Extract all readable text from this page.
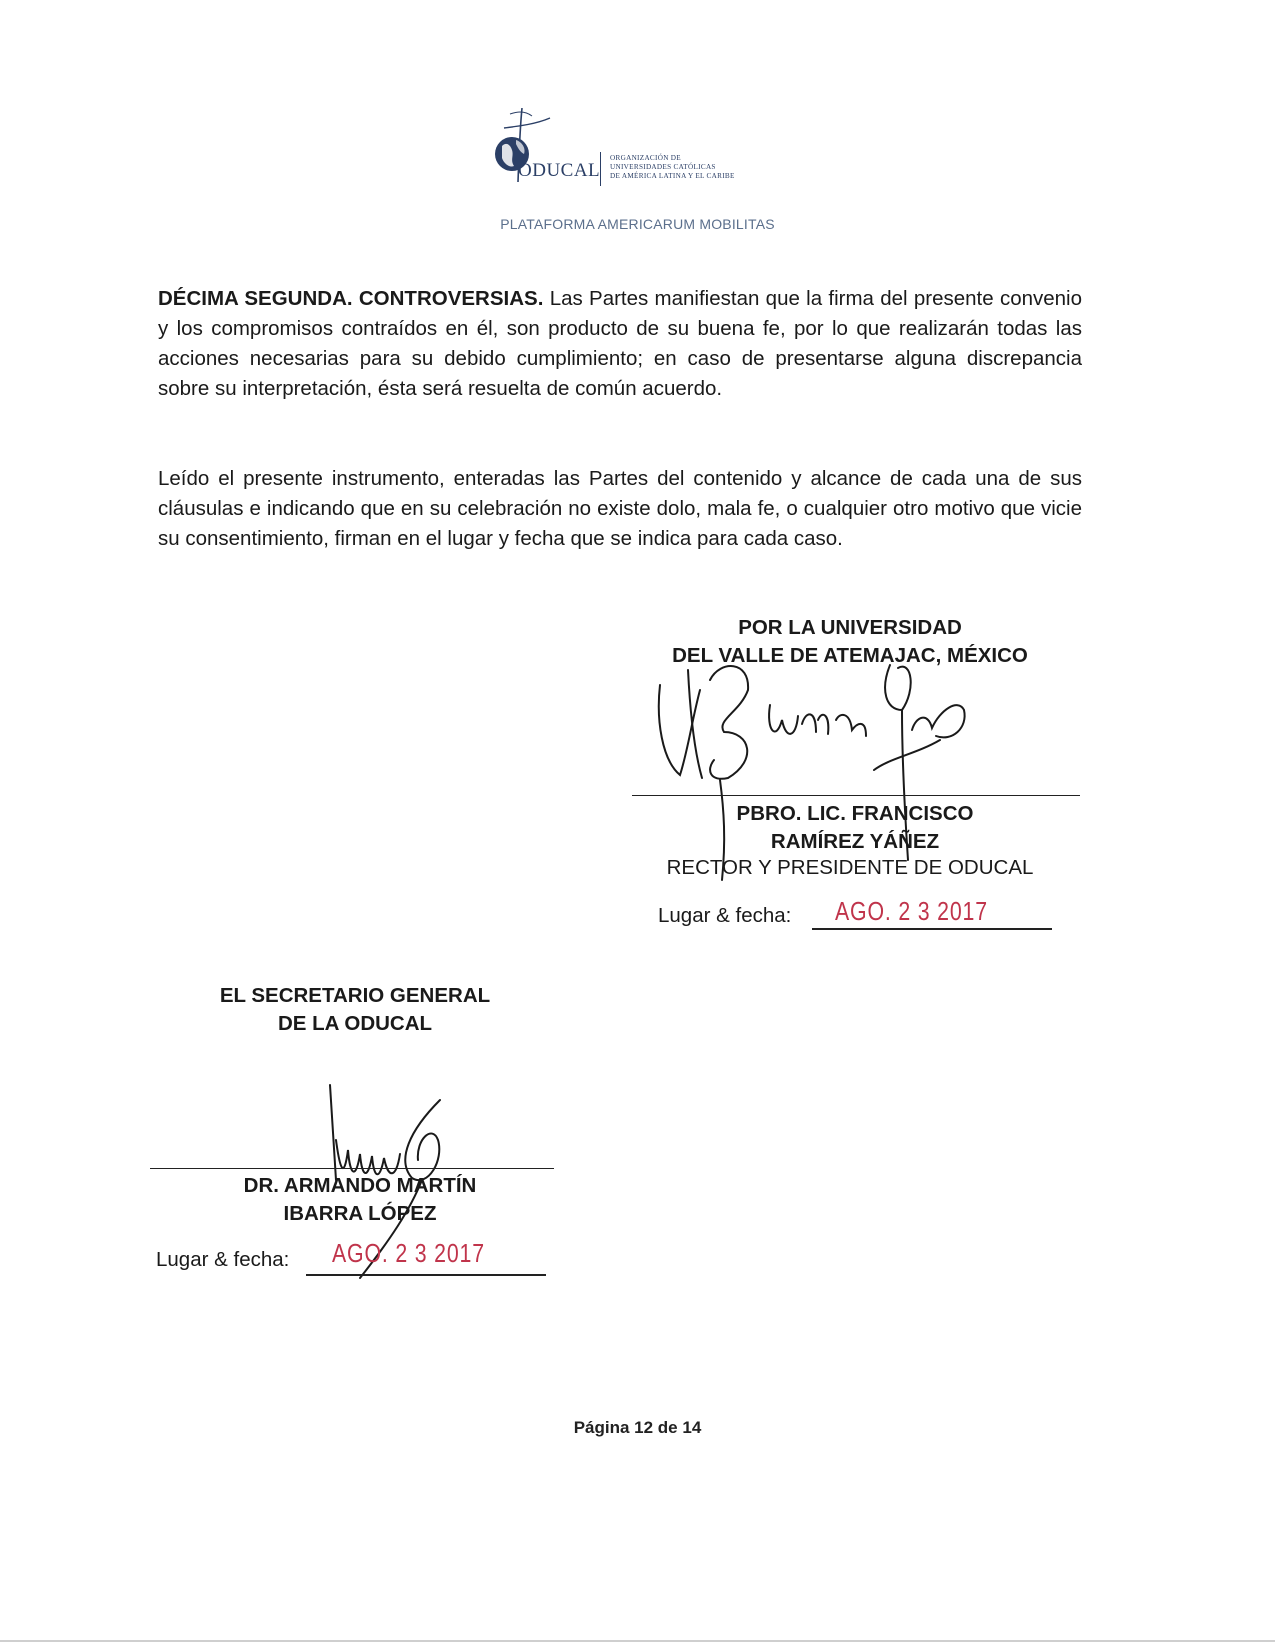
ODUCAL
ORGANIZACIÓN DE
UNIVERSIDADES CATÓLICAS
DE AMÉRICA LATINA Y EL CARIBE
PLATAFORMA AMERICARUM MOBILITAS
DÉCIMA SEGUNDA. CONTROVERSIAS. Las Partes manifiestan que la firma del presente convenio y los compromisos contraídos en él, son producto de su buena fe, por lo que realizarán todas las acciones necesarias para su debido cumplimiento; en caso de presentarse alguna discrepancia sobre su interpretación, ésta será resuelta de común acuerdo.
Leído el presente instrumento, enteradas las Partes del contenido y alcance de cada una de sus cláusulas e indicando que en su celebración no existe dolo, mala fe, o cualquier otro motivo que vicie su consentimiento, firman en el lugar y fecha que se indica para cada caso.
POR LA UNIVERSIDAD
DEL VALLE DE ATEMAJAC, MÉXICO
PBRO. LIC. FRANCISCO
RAMÍREZ YÁÑEZ
RECTOR Y PRESIDENTE DE ODUCAL
Lugar & fecha: AGO. 2 3 2017
EL SECRETARIO GENERAL
DE LA ODUCAL
DR. ARMANDO MARTÍN
IBARRA LÓPEZ
Lugar & fecha: AGO. 2 3 2017
Página 12 de 14
